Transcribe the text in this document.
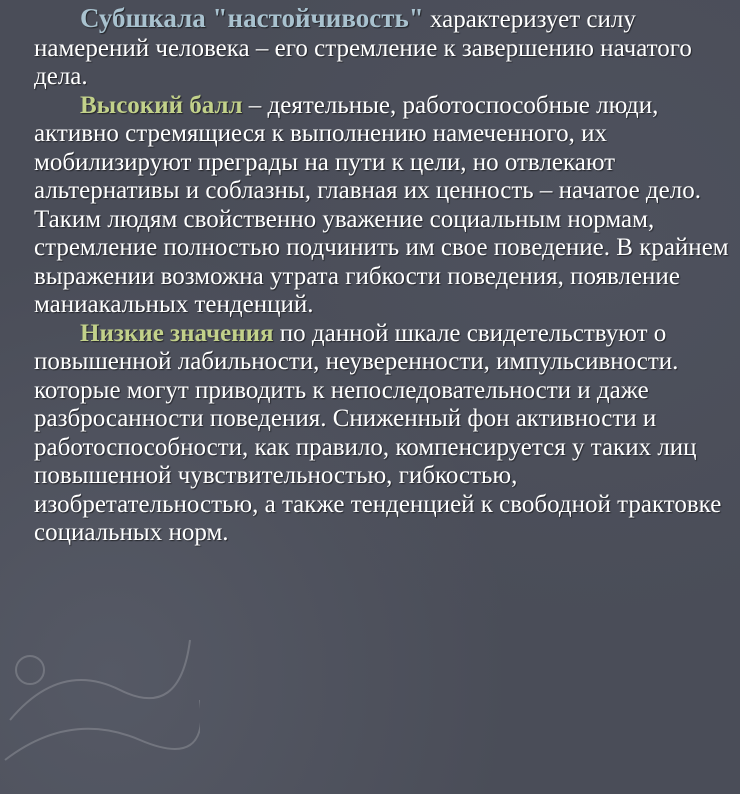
Субшкала "настойчивость" характеризует силу намерений человека – его стремление к завершению начатого дела.

Высокий балл – деятельные, работоспособные люди, активно стремящиеся к выполнению намеченного, их мобилизируют преграды на пути к цели, но отвлекают альтернативы и соблазны, главная их ценность – начатое дело. Таким людям свойственно уважение социальным нормам, стремление полностью подчинить им свое поведение. В крайнем выражении возможна утрата гибкости поведения, появление маниакальных тенденций.

Низкие значения по данной шкале свидетельствуют о повышенной лабильности, неуверенности, импульсивности. которые могут приводить к непоследовательности и даже разбросанности поведения. Сниженный фон активности и работоспособности, как правило, компенсируется у таких лиц повышенной чувствительностью, гибкостью, изобретательностью, а также тенденцией к свободной трактовке социальных норм.
